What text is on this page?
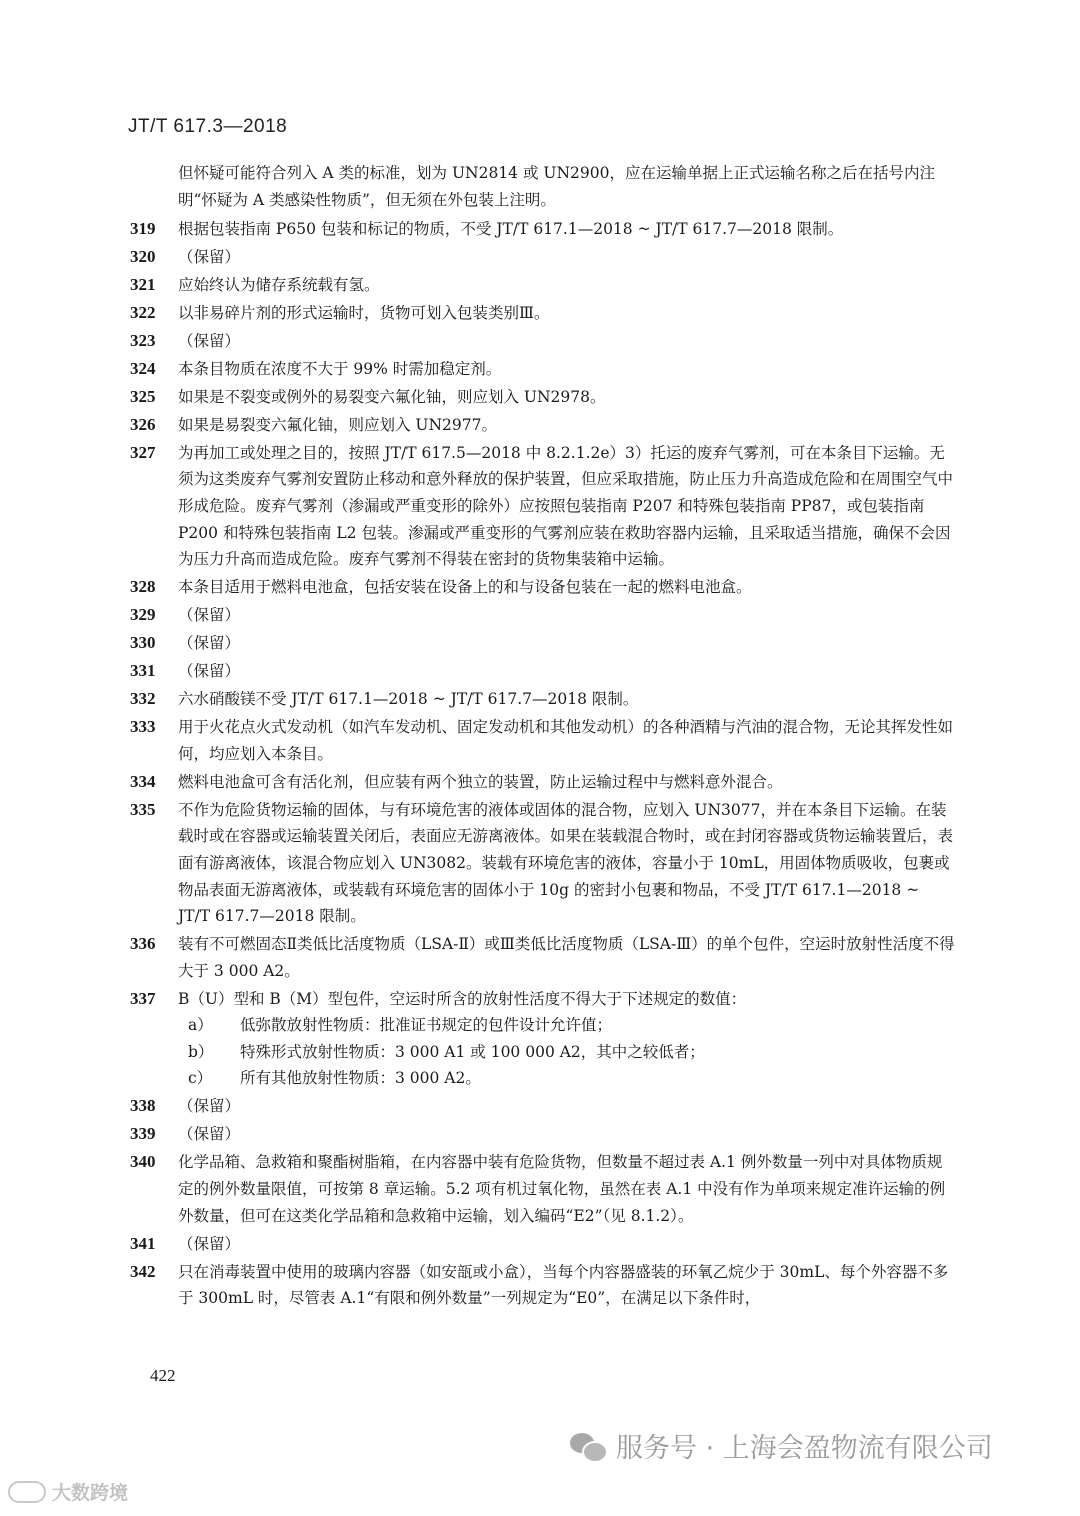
JT/T 617.3—2018
但怀疑可能符合列入 A 类的标准，划为 UN2814 或 UN2900，应在运输单据上正式运输名称之后在括号内注明“怀疑为 A 类感染性物质”，但无须在外包装上注明。
319	根据包装指南 P650 包装和标记的物质，不受 JT/T 617.1—2018 ~ JT/T 617.7—2018 限制。
320	（保留）
321	应始终认为储存系统载有氢。
322	以非易碎片剂的形式运输时，货物可划入包装类别Ⅲ。
323	（保留）
324	本条目物质在浓度不大于 99% 时需加稳定剂。
325	如果是不裂变或例外的易裂变六氟化铀，则应划入 UN2978。
326	如果是易裂变六氟化铀，则应划入 UN2977。
327	为再加工或处理之目的，按照 JT/T 617.5—2018 中 8.2.1.2e）3）托运的废弃气雾剂，可在本条目下运输。无须为这类废弃气雾剂安置防止移动和意外释放的保护装置，但应采取措施，防止压力升高造成危险和在周围空气中形成危险。废弃气雾剂（渗漏或严重变形的除外）应按照包装指南 P207 和特殊包装指南 PP87，或包装指南 P200 和特殊包装指南 L2 包装。渗漏或严重变形的气雾剂应装在救助容器内运输，且采取适当措施，确保不会因为压力升高而造成危险。废弃气雾剂不得装在密封的货物集装箱中运输。
328	本条目适用于燃料电池盒，包括安装在设备上的和与设备包装在一起的燃料电池盒。
329	（保留）
330	（保留）
331	（保留）
332	六水硝酸镁不受 JT/T 617.1—2018 ~ JT/T 617.7—2018 限制。
333	用于火花点火式发动机（如汽车发动机、固定发动机和其他发动机）的各种酒精与汽油的混合物，无论其挥发性如何，均应划入本条目。
334	燃料电池盒可含有活化剂，但应装有两个独立的装置，防止运输过程中与燃料意外混合。
335	不作为危险货物运输的固体，与有环境危害的液体或固体的混合物，应划入 UN3077，并在本条目下运输。在装载时或在容器或运输装置关闭后，表面应无游离液体。如果在装载混合物时，或在封闭容器或货物运输装置后，表面有游离液体，该混合物应划入 UN3082。装载有环境危害的液体，容量小于 10mL，用固体物质吸收，包裹或物品表面无游离液体，或装载有环境危害的固体小于 10g 的密封小包裹和物品，不受 JT/T 617.1—2018 ~ JT/T 617.7—2018 限制。
336	装有不可燃固态Ⅱ类低比活度物质（LSA-Ⅱ）或Ⅲ类低比活度物质（LSA-Ⅲ）的单个包件，空运时放射性活度不得大于 3 000 A2。
337	B（U）型和 B（M）型包件，空运时所含的放射性活度不得大于下述规定的数值：
a） 低弥散放射性物质：批准证书规定的包件设计允许值；
b） 特殊形式放射性物质：3 000 A1 或 100 000 A2，其中之较低者；
c） 所有其他放射性物质：3 000 A2。
338	（保留）
339	（保留）
340	化学品箱、急救箱和聚酯树脂箱，在内容器中装有危险货物，但数量不超过表 A.1 例外数量一列中对具体物质规定的例外数量限值，可按第 8 章运输。5.2 项有机过氧化物，虽然在表 A.1 中没有作为单项来规定准许运输的例外数量，但可在这类化学品箱和急救箱中运输，划入编码“E2”（见 8.1.2）。
341	（保留）
342	只在消毒装置中使用的玻璃内容器（如安瓿或小盒），当每个内容器盛装的环氧乙烷少于 30mL、每个外容器不多于 300mL 时，尽管表 A.1“有限和例外数量”一列规定为“E0”，在满足以下条件时，
422
服务号 · 上海会盈物流有限公司
大数跨境
